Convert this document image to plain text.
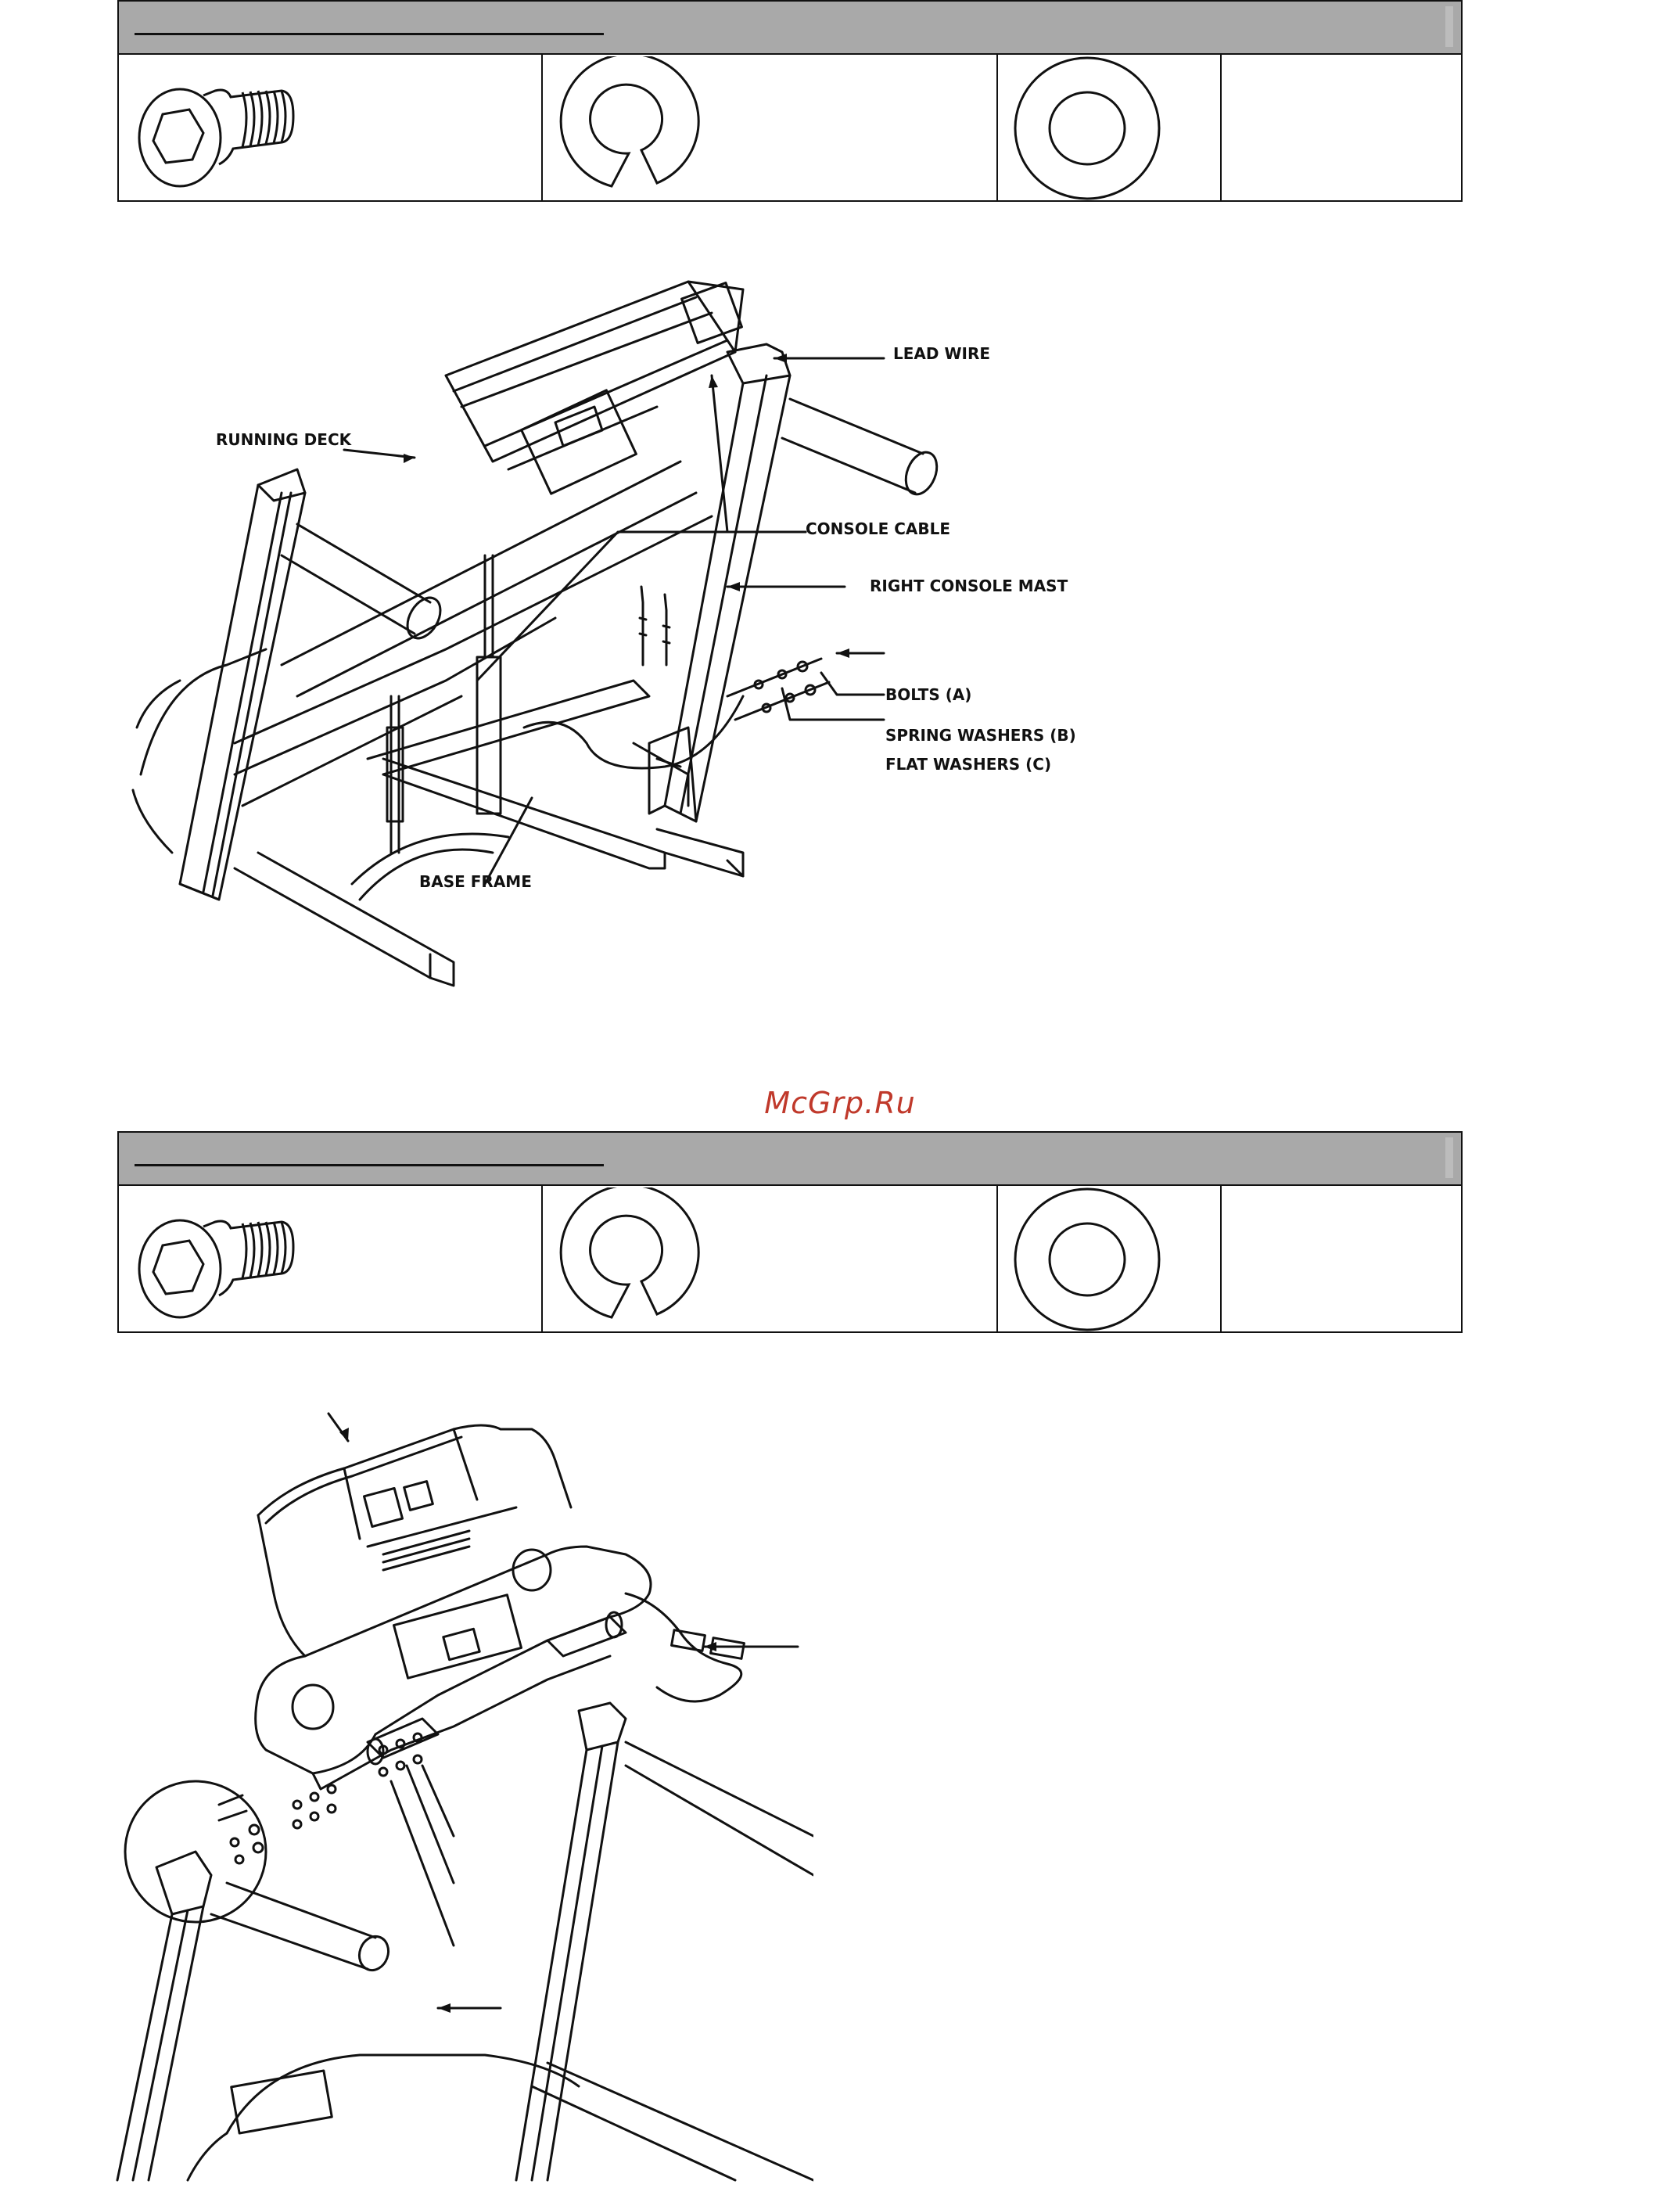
LEAD WIRE
RUNNING DECK
CONSOLE CABLE
RIGHT CONSOLE MAST
BOLTS (A)
SPRING WASHERS (B)
FLAT WASHERS (C)
BASE FRAME
McGrp.Ru
